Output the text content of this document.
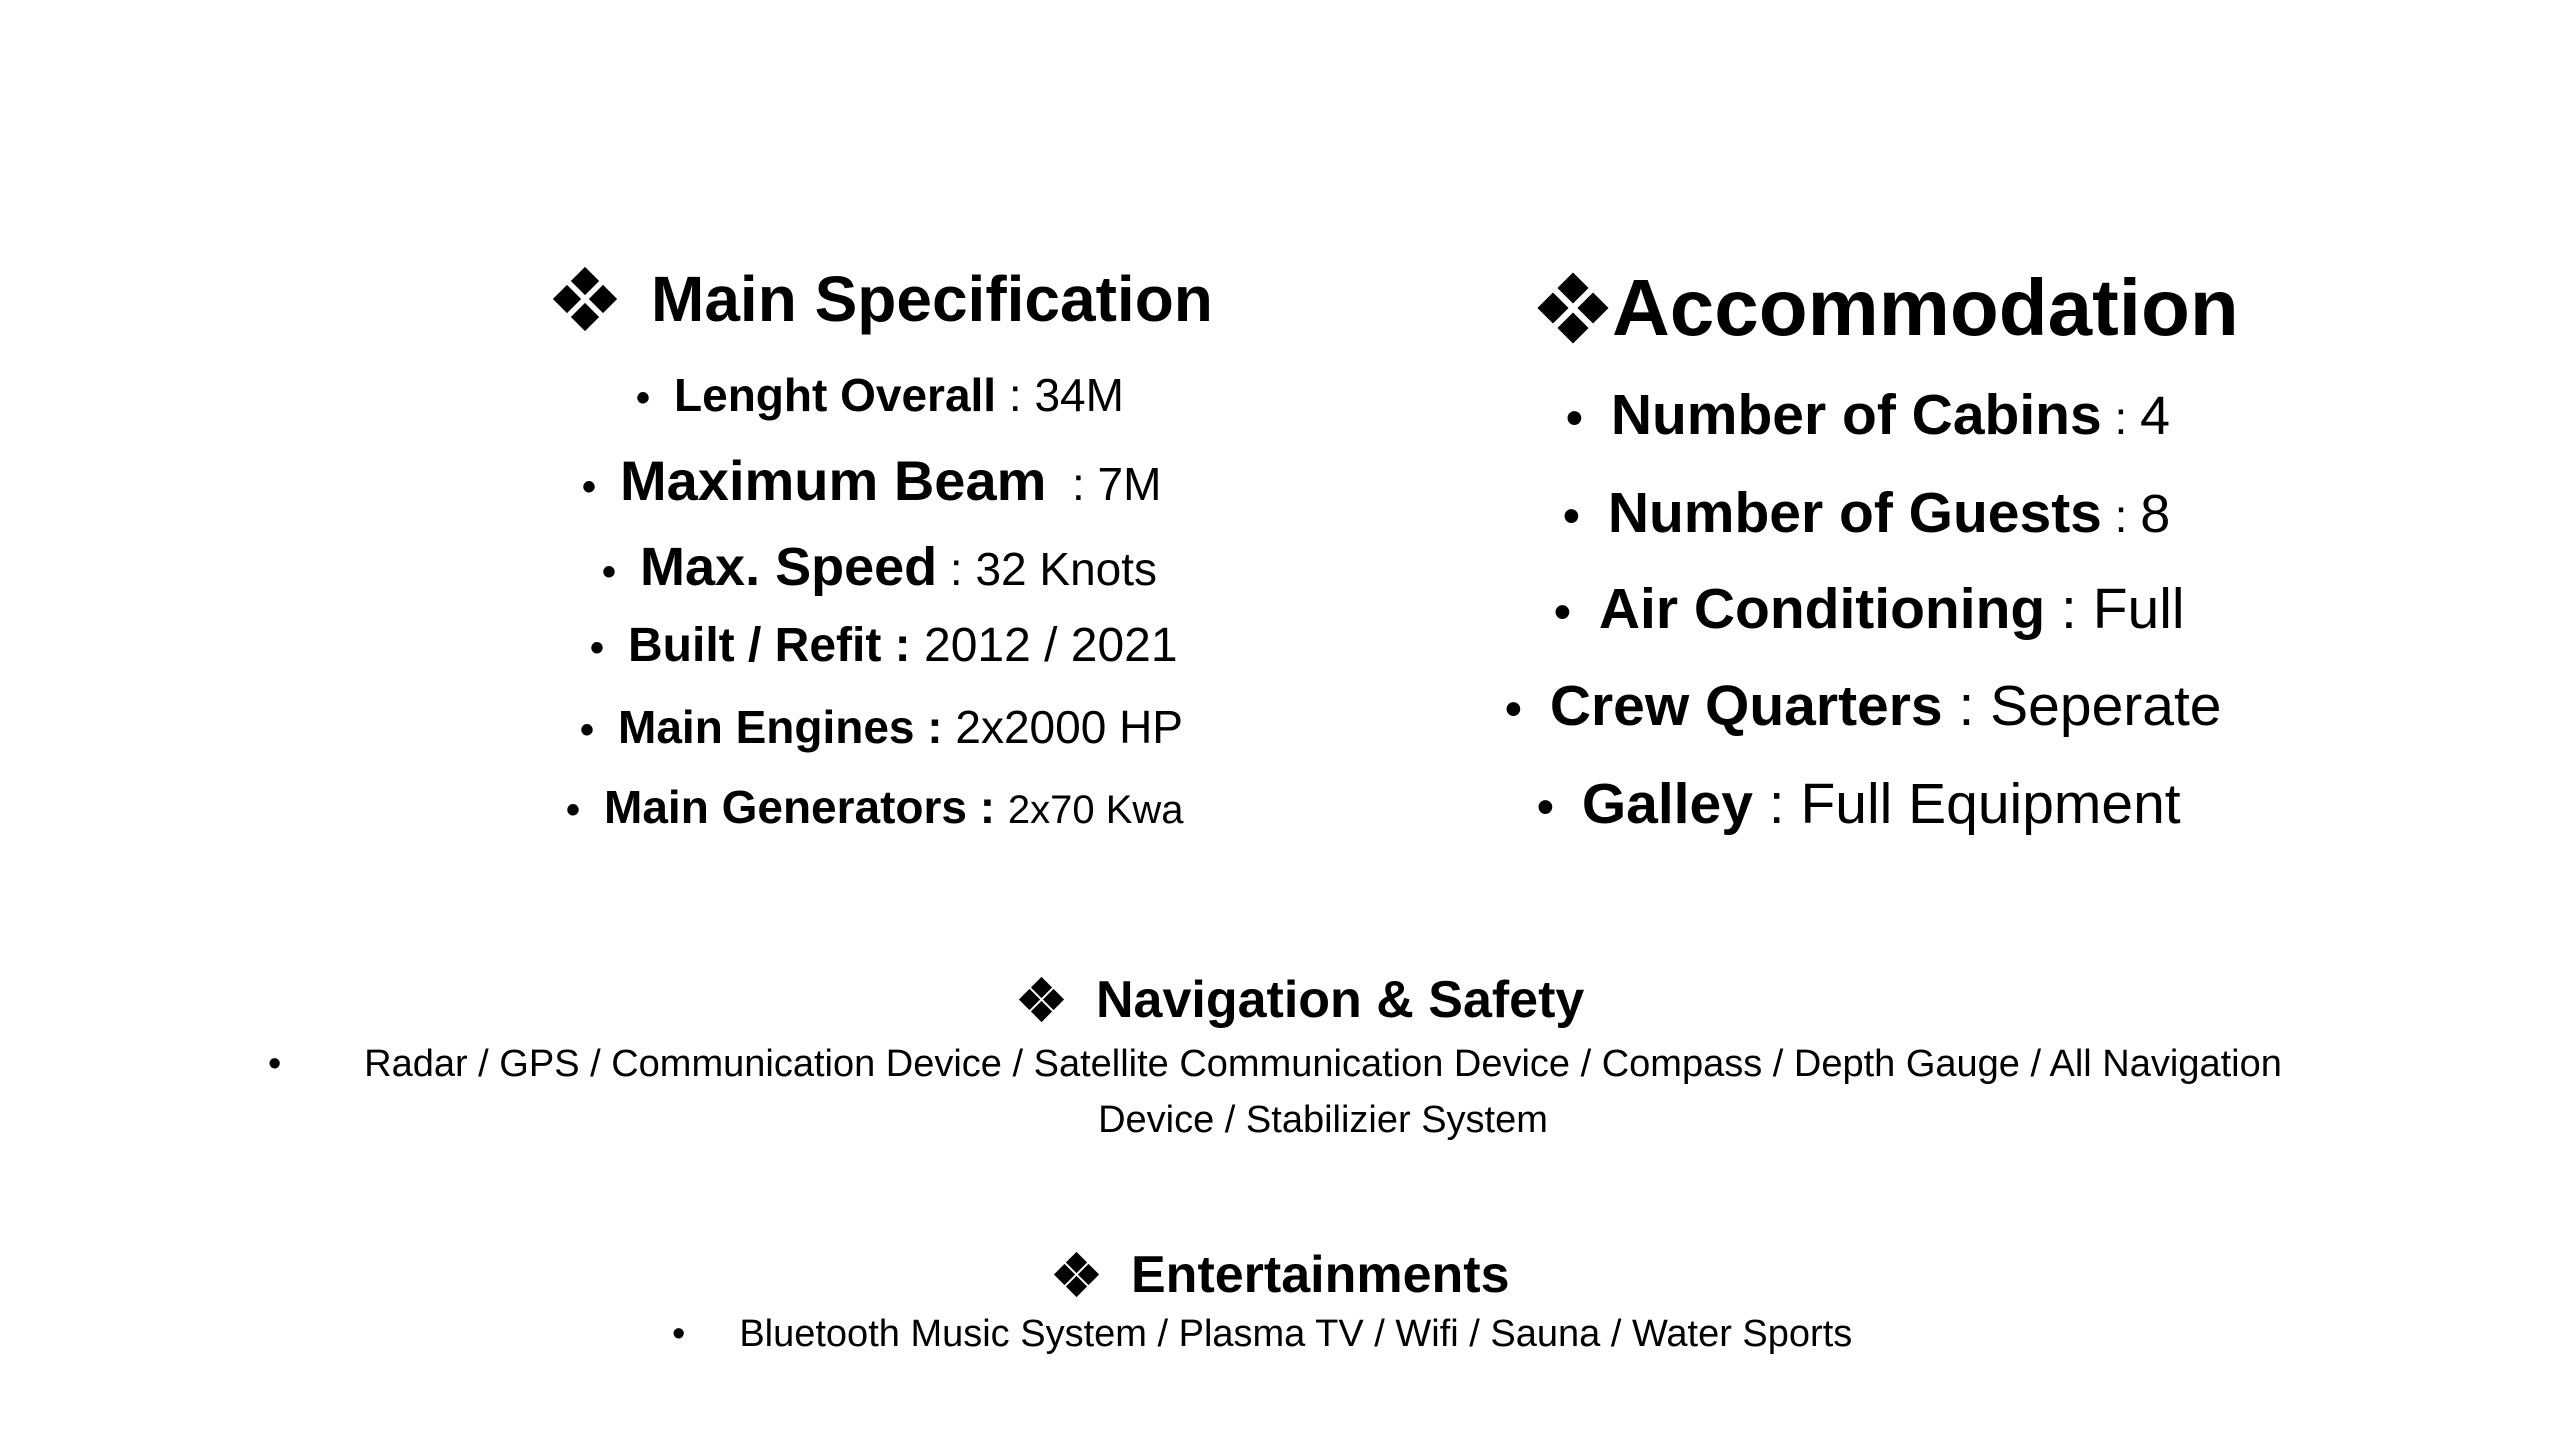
Main Specification
• Lenght Overall : 34M
• Maximum Beam : 7M
• Max. Speed : 32 Knots
• Built / Refit :
2012 / 2021
• Main Engines :
2x2000 HP
• Main Generators :
2x70 Kwa
Accommodation
• Number of Cabins : 4
• Number of Guests : 8
• Air Conditioning : Full
• Crew Quarters : Seperate
• Galley : Full Equipment
Navigation & Safety
•	Radar / GPS / Communication Device / Satellite Communication Device / Compass / Depth Gauge / All Navigation Device / Stabilizier System
Entertainments
• Bluetooth Music System / Plasma TV / Wifi / Sauna / Water Sports
